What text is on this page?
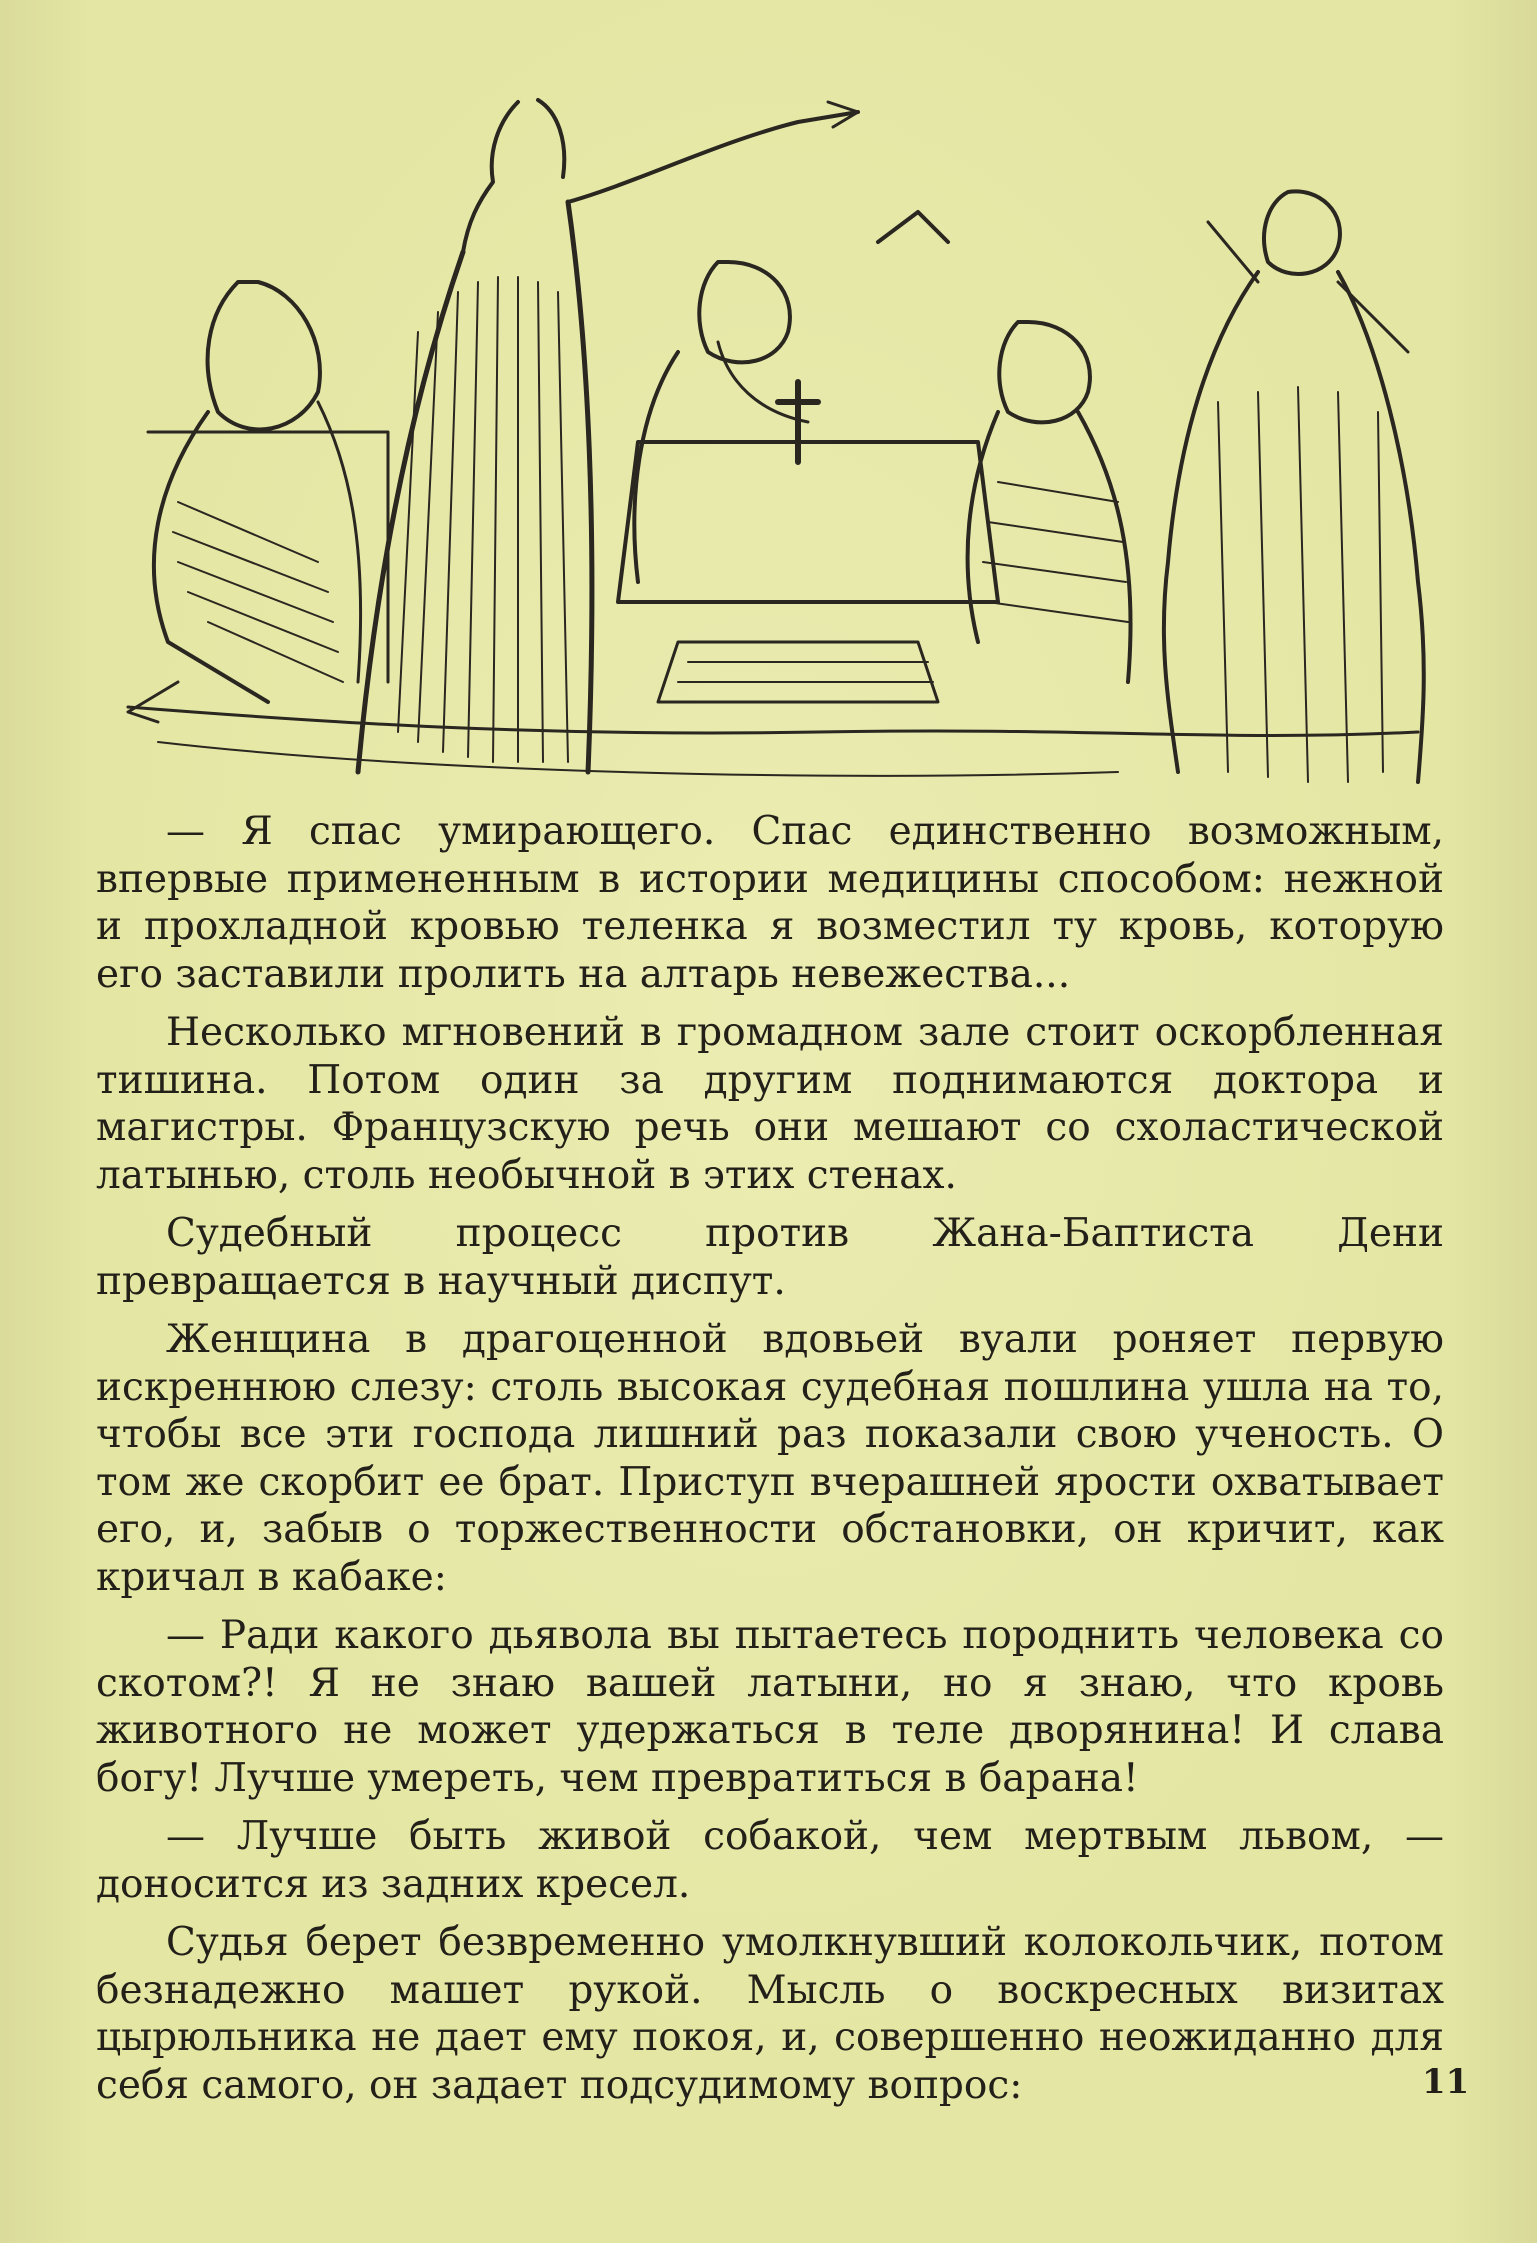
— Я спас умирающего. Спас единственно возможным, впервые примененным в истории медицины способом: нежной и прохладной кровью теленка я возместил ту кровь, которую его заставили пролить на алтарь невежества...

Несколько мгновений в громадном зале стоит оскорбленная тишина. Потом один за другим поднимаются доктора и магистры. Французскую речь они мешают со схоластической латынью, столь необычной в этих стенах.

Судебный процесс против Жана-Баптиста Дени превращается в научный диспут.

Женщина в драгоценной вдовьей вуали роняет первую искреннюю слезу: столь высокая судебная пошлина ушла на то, чтобы все эти господа лишний раз показали свою ученость. О том же скорбит ее брат. Приступ вчерашней ярости охватывает его, и, забыв о торжественности обстановки, он кричит, как кричал в кабаке:

— Ради какого дьявола вы пытаетесь породнить человека со скотом?! Я не знаю вашей латыни, но я знаю, что кровь животного не может удержаться в теле дворянина! И слава богу! Лучше умереть, чем превратиться в барана!

— Лучше быть живой собакой, чем мертвым львом, — доносится из задних кресел.

Судья берет безвременно умолкнувший колокольчик, потом безнадежно машет рукой. Мысль о воскресных визитах цырюльника не дает ему покоя, и, совершенно неожиданно для себя самого, он задает подсудимому вопрос:	11
